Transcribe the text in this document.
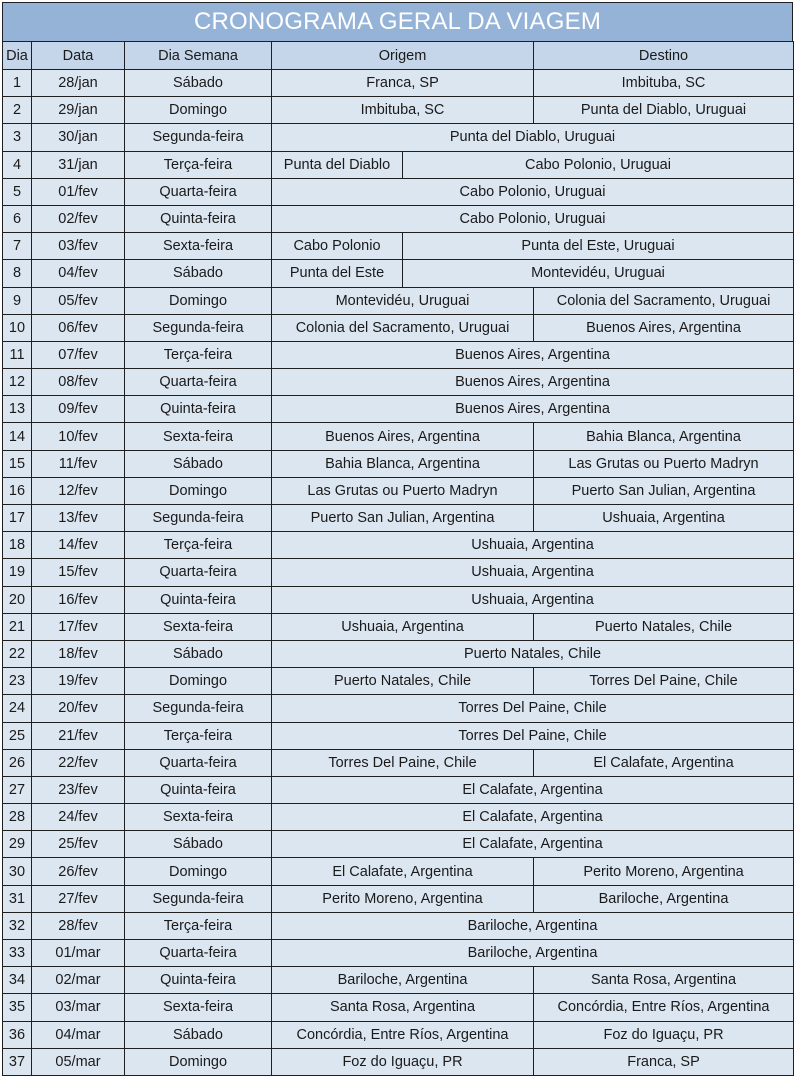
CRONOGRAMA GERAL DA VIAGEM
Dia	Data	Dia Semana	Origem		Destino
1	28/jan	Sábado	Franca, SP		Imbituba, SC
2	29/jan	Domingo	Imbituba, SC		Punta del Diablo, Uruguai
3	30/jan	Segunda-feira	Punta del Diablo, Uruguai		
4	31/jan	Terça-feira	Punta del Diablo	Cabo Polonio, Uruguai	
5	01/fev	Quarta-feira	Cabo Polonio, Uruguai		
6	02/fev	Quinta-feira	Cabo Polonio, Uruguai		
7	03/fev	Sexta-feira	Cabo Polonio	Punta del Este, Uruguai	
8	04/fev	Sábado	Punta del Este	Montevidéu, Uruguai	
9	05/fev	Domingo	Montevidéu, Uruguai		Colonia del Sacramento, Uruguai
10	06/fev	Segunda-feira	Colonia del Sacramento, Uruguai		Buenos Aires, Argentina
11	07/fev	Terça-feira	Buenos Aires, Argentina		
12	08/fev	Quarta-feira	Buenos Aires, Argentina		
13	09/fev	Quinta-feira	Buenos Aires, Argentina		
14	10/fev	Sexta-feira	Buenos Aires, Argentina		Bahia Blanca, Argentina
15	11/fev	Sábado	Bahia Blanca, Argentina		Las Grutas ou Puerto Madryn
16	12/fev	Domingo	Las Grutas ou Puerto Madryn		Puerto San Julian, Argentina
17	13/fev	Segunda-feira	Puerto San Julian, Argentina		Ushuaia, Argentina
18	14/fev	Terça-feira	Ushuaia, Argentina		
19	15/fev	Quarta-feira	Ushuaia, Argentina		
20	16/fev	Quinta-feira	Ushuaia, Argentina		
21	17/fev	Sexta-feira	Ushuaia, Argentina		Puerto Natales, Chile
22	18/fev	Sábado	Puerto Natales, Chile		
23	19/fev	Domingo	Puerto Natales, Chile		Torres Del Paine, Chile
24	20/fev	Segunda-feira	Torres Del Paine, Chile		
25	21/fev	Terça-feira	Torres Del Paine, Chile		
26	22/fev	Quarta-feira	Torres Del Paine, Chile		El Calafate, Argentina
27	23/fev	Quinta-feira	El Calafate, Argentina		
28	24/fev	Sexta-feira	El Calafate, Argentina		
29	25/fev	Sábado	El Calafate, Argentina		
30	26/fev	Domingo	El Calafate, Argentina		Perito Moreno, Argentina
31	27/fev	Segunda-feira	Perito Moreno, Argentina		Bariloche, Argentina
32	28/fev	Terça-feira	Bariloche, Argentina		
33	01/mar	Quarta-feira	Bariloche, Argentina		
34	02/mar	Quinta-feira	Bariloche, Argentina		Santa Rosa, Argentina
35	03/mar	Sexta-feira	Santa Rosa, Argentina		Concórdia, Entre Ríos, Argentina
36	04/mar	Sábado	Concórdia, Entre Ríos, Argentina		Foz do Iguaçu, PR
37	05/mar	Domingo	Foz do Iguaçu, PR		Franca, SP
